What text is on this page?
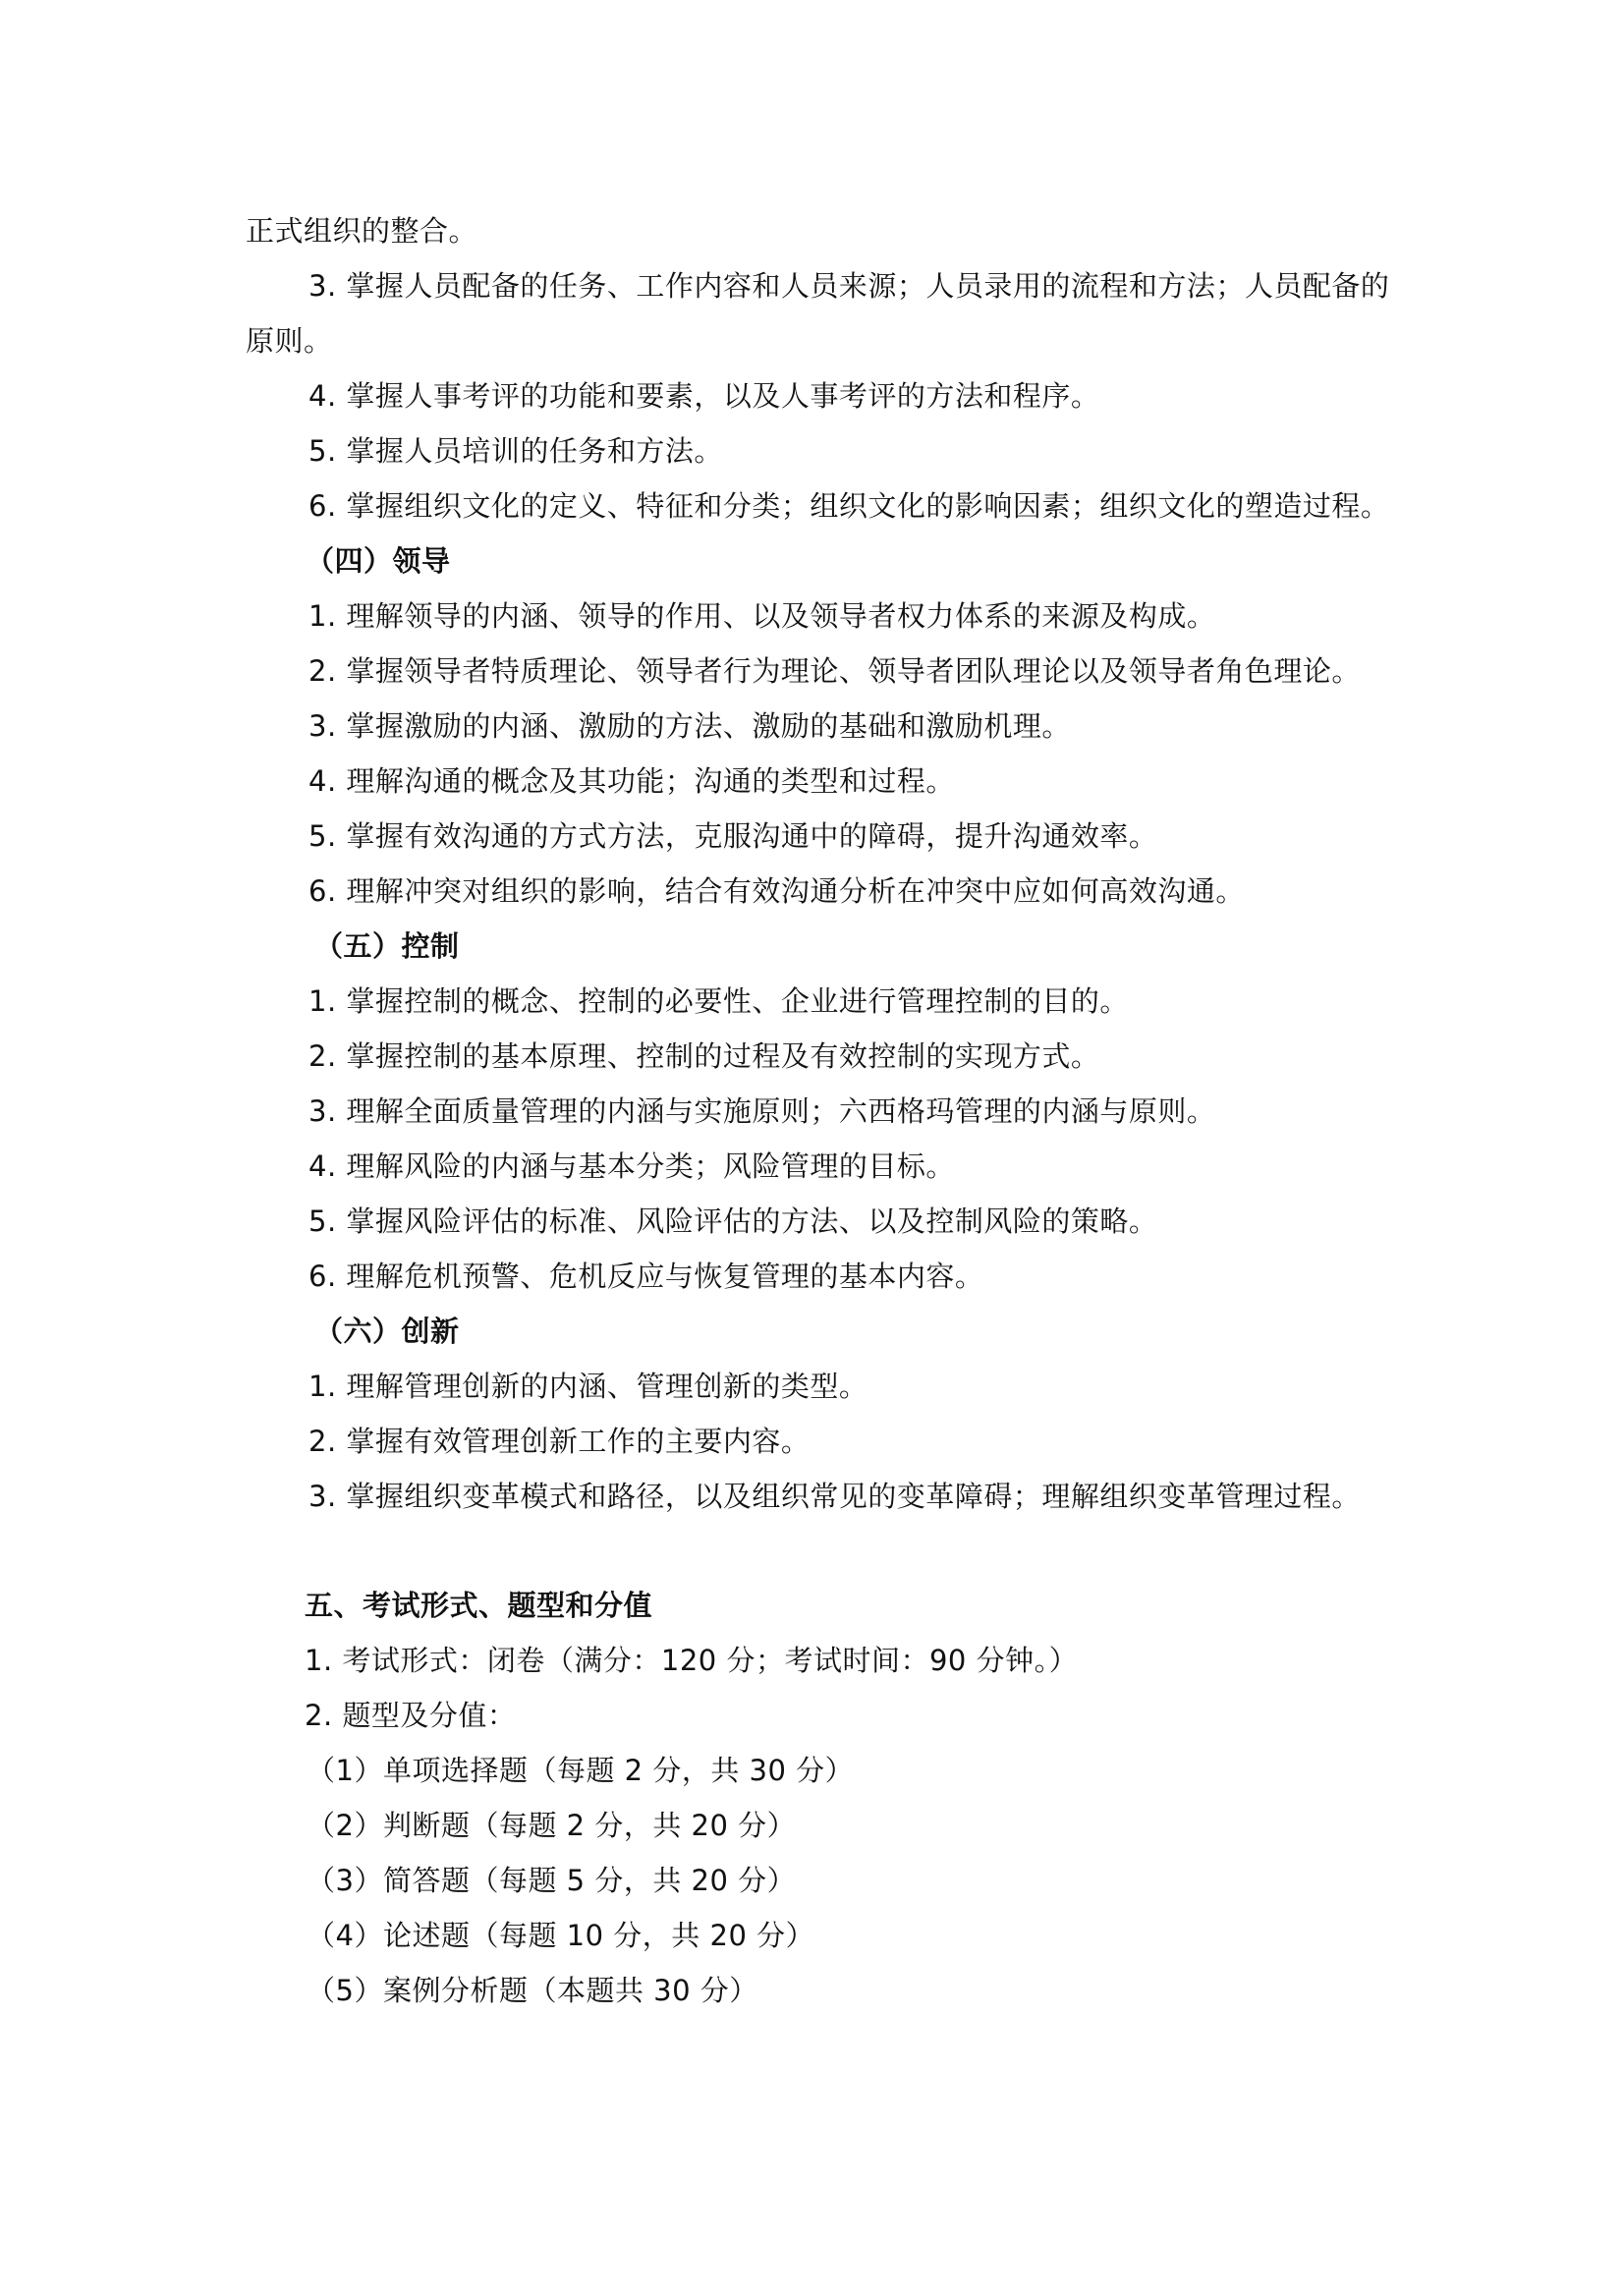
正式组织的整合。
3. 掌握人员配备的任务、工作内容和人员来源；人员录用的流程和方法；人员配备的
原则。
4. 掌握人事考评的功能和要素，以及人事考评的方法和程序。
5. 掌握人员培训的任务和方法。
6. 掌握组织文化的定义、特征和分类；组织文化的影响因素；组织文化的塑造过程。
（四）领导
1. 理解领导的内涵、领导的作用、以及领导者权力体系的来源及构成。
2. 掌握领导者特质理论、领导者行为理论、领导者团队理论以及领导者角色理论。
3. 掌握激励的内涵、激励的方法、激励的基础和激励机理。
4. 理解沟通的概念及其功能；沟通的类型和过程。
5. 掌握有效沟通的方式方法，克服沟通中的障碍，提升沟通效率。
6. 理解冲突对组织的影响，结合有效沟通分析在冲突中应如何高效沟通。
（五）控制
1. 掌握控制的概念、控制的必要性、企业进行管理控制的目的。
2. 掌握控制的基本原理、控制的过程及有效控制的实现方式。
3. 理解全面质量管理的内涵与实施原则；六西格玛管理的内涵与原则。
4. 理解风险的内涵与基本分类；风险管理的目标。
5. 掌握风险评估的标准、风险评估的方法、以及控制风险的策略。
6. 理解危机预警、危机反应与恢复管理的基本内容。
（六）创新
1. 理解管理创新的内涵、管理创新的类型。
2. 掌握有效管理创新工作的主要内容。
3. 掌握组织变革模式和路径，以及组织常见的变革障碍；理解组织变革管理过程。
五、考试形式、题型和分值
1. 考试形式：闭卷（满分：120 分；考试时间：90 分钟。）
2. 题型及分值：
（1）单项选择题（每题 2 分，共 30 分）
（2）判断题（每题 2 分，共 20 分）
（3）简答题（每题 5 分，共 20 分）
（4）论述题（每题 10 分，共 20 分）
（5）案例分析题（本题共 30 分）
